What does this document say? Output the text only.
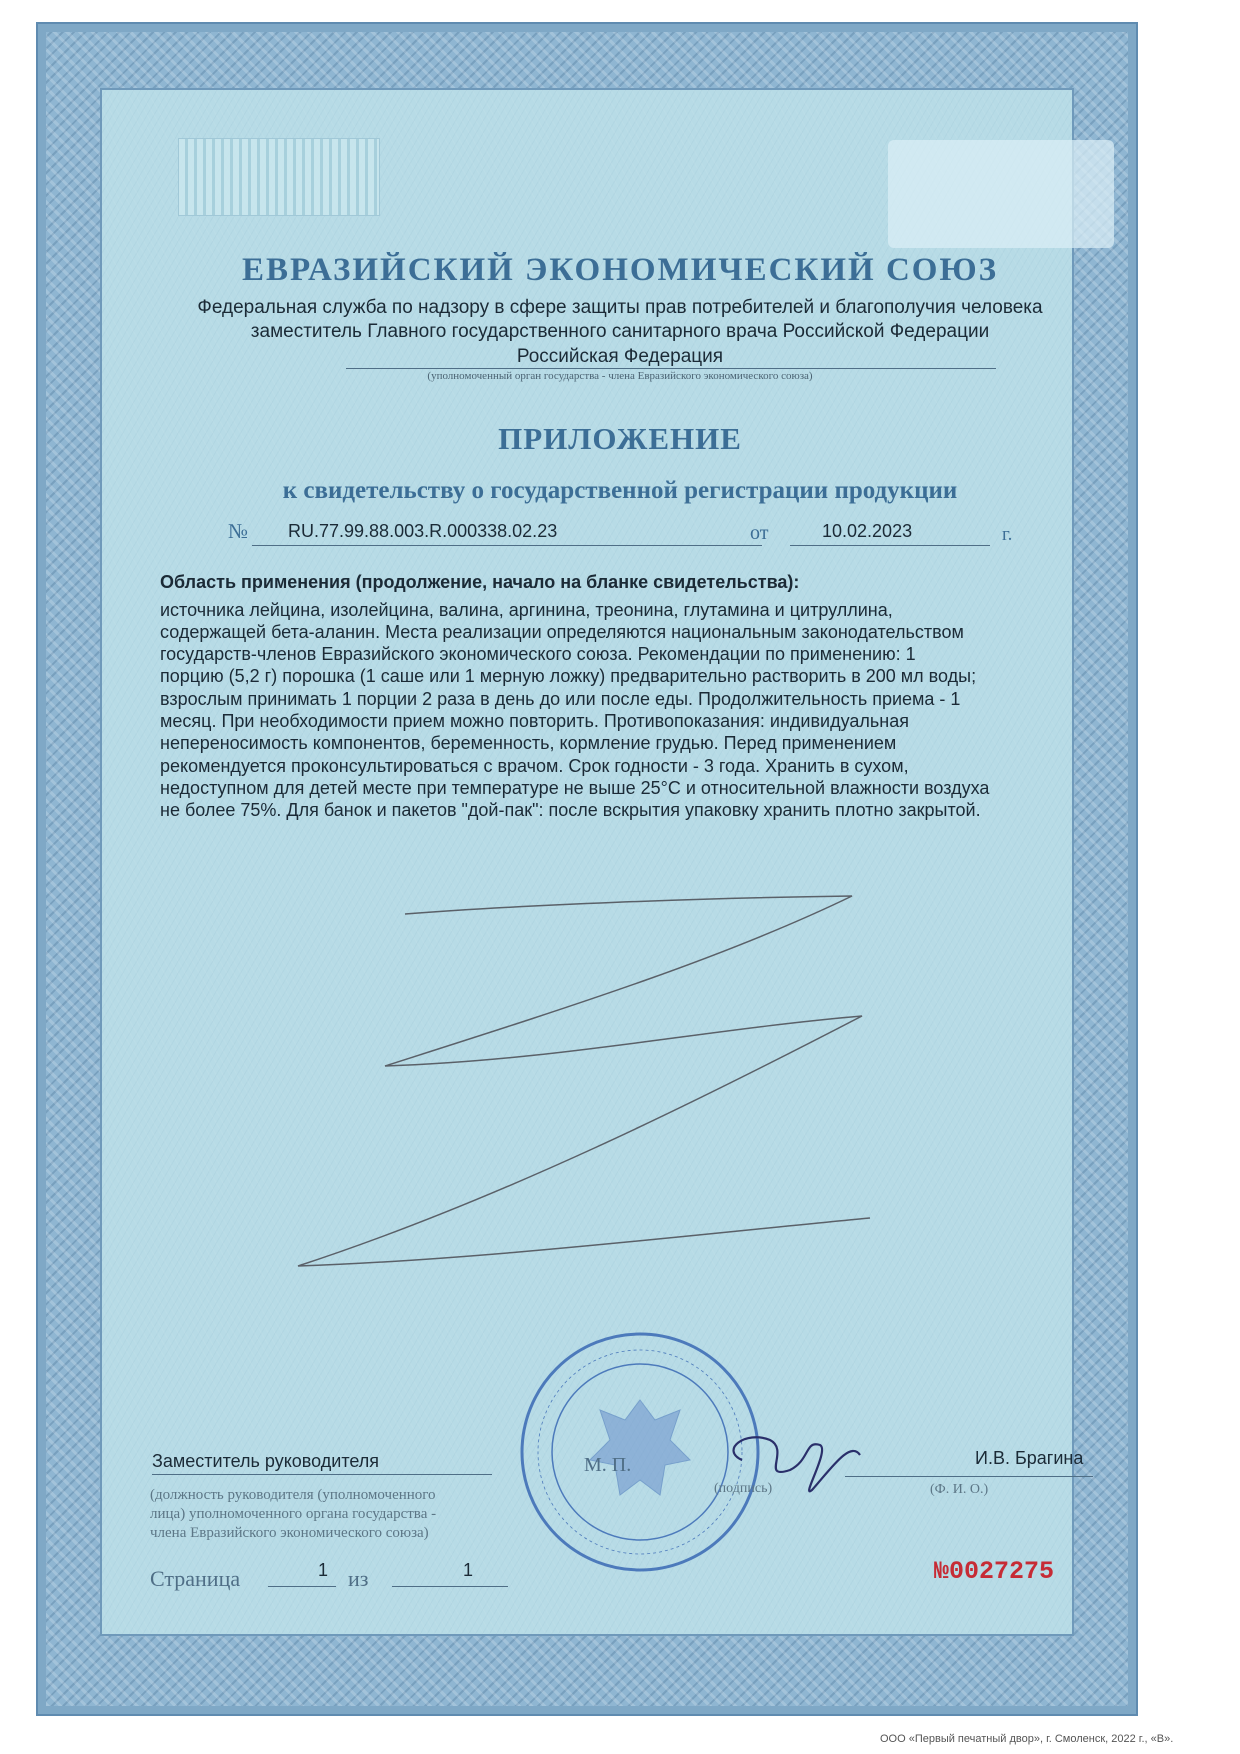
ЕВРАЗИЙСКИЙ ЭКОНОМИЧЕСКИЙ СОЮЗ
Федеральная служба по надзору в сфере защиты прав потребителей и благополучия человека
заместитель Главного государственного санитарного врача Российской Федерации
Российская Федерация
(уполномоченный орган государства - члена Евразийского экономического союза)
ПРИЛОЖЕНИЕ
к свидетельству о государственной регистрации продукции
№ RU.77.99.88.003.R.000338.02.23	от	10.02.2023	г.
Область применения (продолжение, начало на бланке свидетельства):
источника лейцина, изолейцина, валина, аргинина, треонина, глутамина и цитруллина,
содержащей бета-аланин. Места реализации определяются национальным законодательством
государств-членов Евразийского экономического союза. Рекомендации по применению: 1
порцию (5,2 г) порошка (1 саше или 1 мерную ложку) предварительно растворить в 200 мл воды;
взрослым принимать 1 порции 2 раза в день до или после еды. Продолжительность приема - 1
месяц. При необходимости прием можно повторить. Противопоказания: индивидуальная
непереносимость компонентов, беременность, кормление грудью. Перед применением
рекомендуется проконсультироваться с врачом. Срок годности - 3 года. Хранить в сухом,
недоступном для детей месте при температуре не выше 25°С и относительной влажности воздуха
не более 75%. Для банок и пакетов "дой-пак": после вскрытия упаковку хранить плотно закрытой.
Заместитель руководителя	И.В. Брагина
(должность руководителя (уполномоченного
лица) уполномоченного органа государства -
члена Евразийского экономического союза)
М. П.
(подпись)	(Ф. И. О.)
Страница	1 из	1	№0027275
ООО «Первый печатный двор», г. Смоленск, 2022 г., «В».
